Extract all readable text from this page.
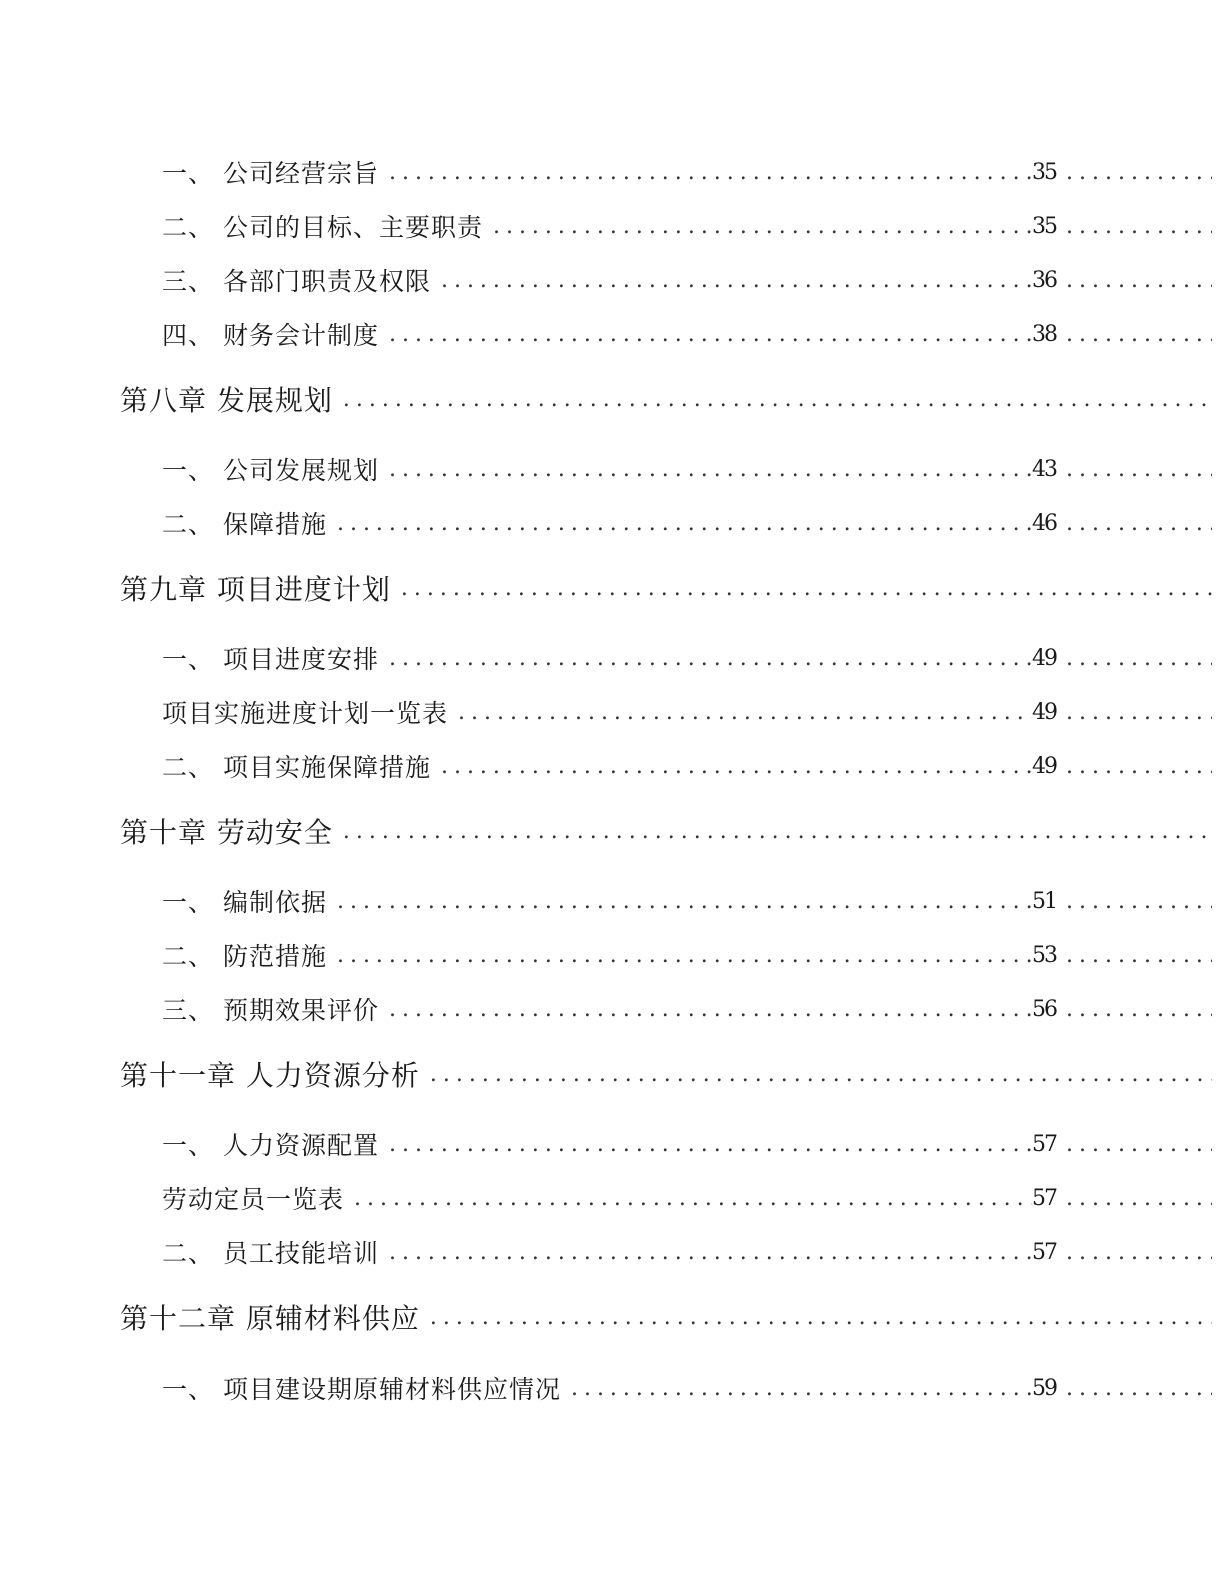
一、 公司经营宗旨 .....	35
.....
二、 公司的目标、主要职责 .....	35
.....
三、 各部门职责及权限 .....	36
.....
四、 财务会计制度 .....	38
.....
第八章 发展规划
.....
一、 公司发展规划 .....	43
.....
二、 保障措施 .....	46
.....
第九章 项目进度计划
.....
一、 项目进度安排 .....	49
.....
项目实施进度计划一览表 .....	49
.....
二、 项目实施保障措施 .....	49
.....
第十章 劳动安全
.....
一、 编制依据 .....	51
.....
二、 防范措施 .....	53
.....
三、 预期效果评价 .....	56
.....
第十一章 人力资源分析
.....
一、 人力资源配置 .....	57
.....
劳动定员一览表 .....	57
.....
二、 员工技能培训 .....	57
.....
第十二章 原辅材料供应
.....
一、 项目建设期原辅材料供应情况 .....	59
.....
